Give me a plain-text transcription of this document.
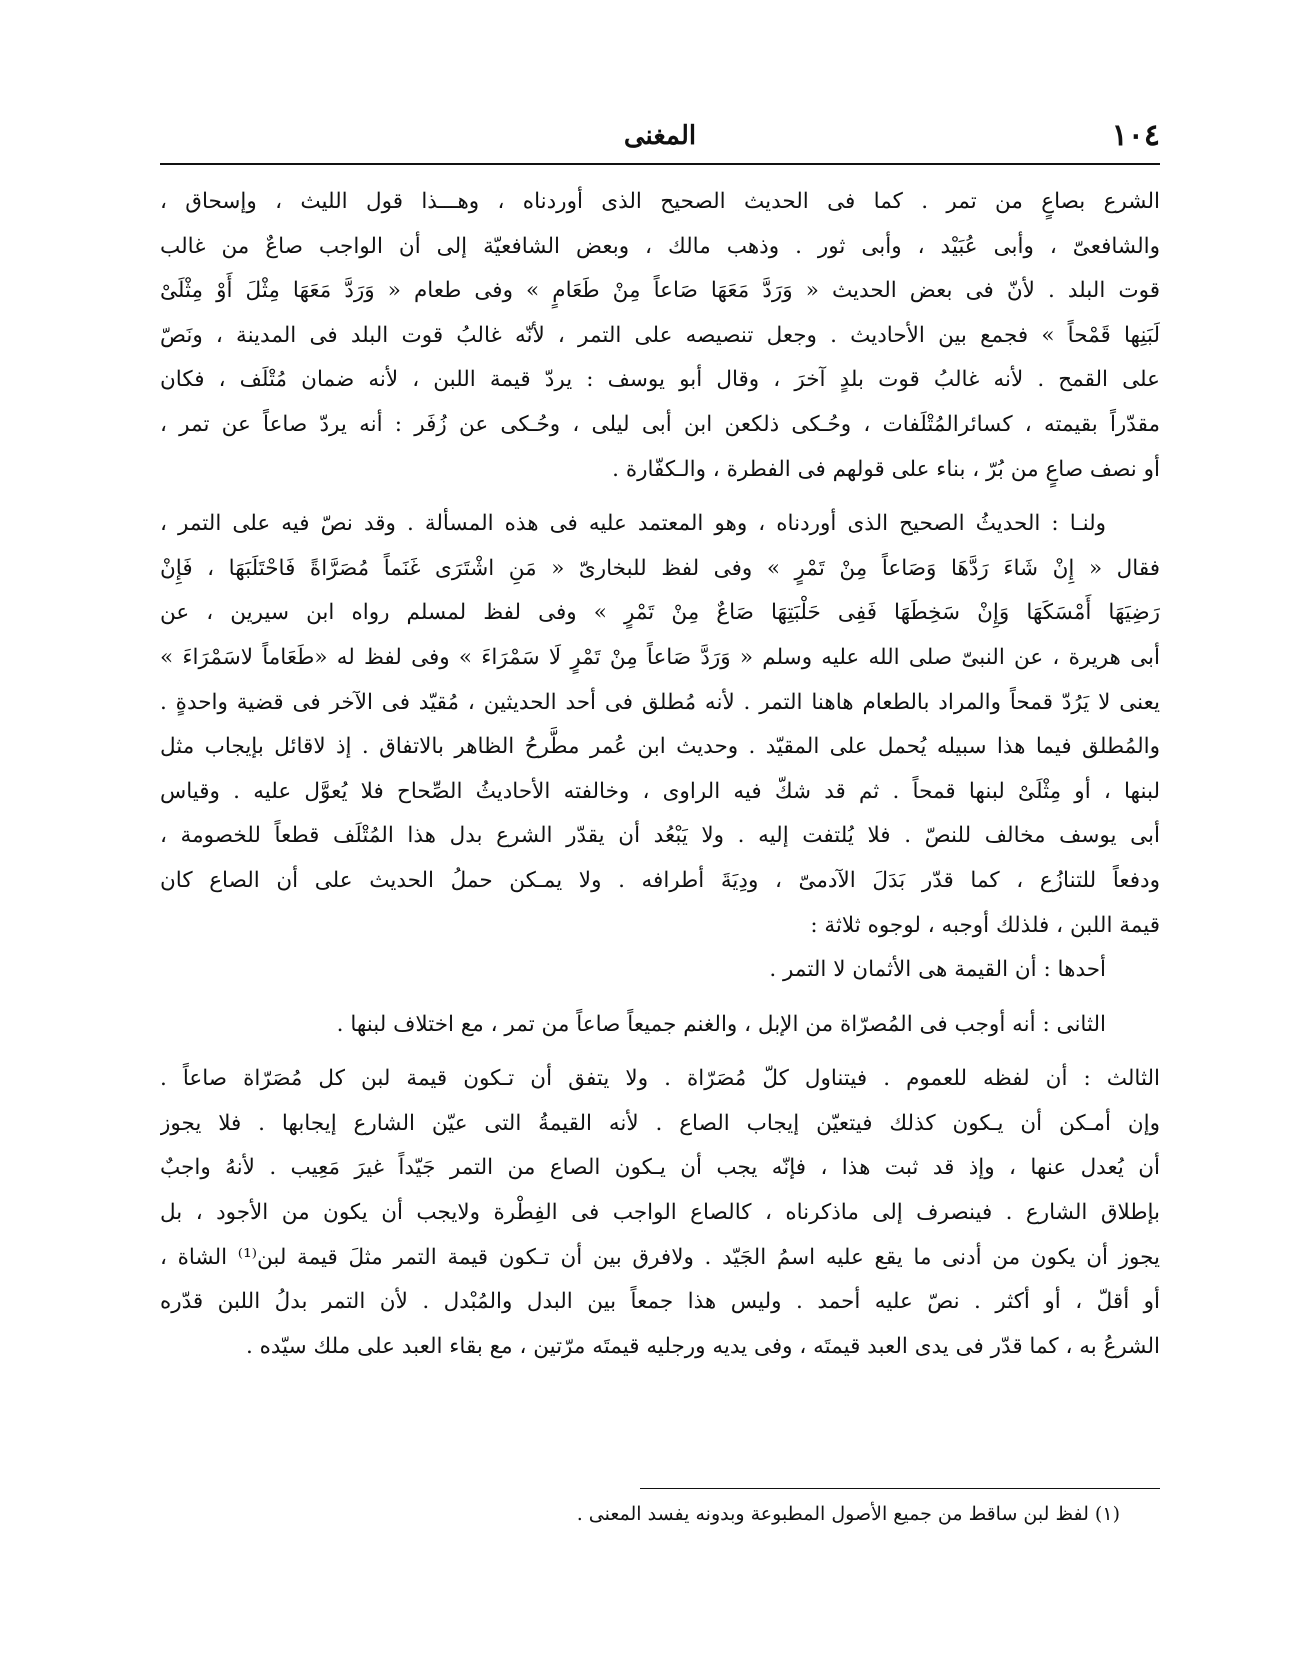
١٠٤
المغنى
الشرع بصاعٍ من تمر . كما فى الحديث الصحيح الذى أوردناه ، وهـــذا قول الليث ، وإسحاق ،
والشافعىّ ، وأبى عُبَيْد ، وأبى ثور . وذهب مالك ، وبعض الشافعيّة إلى أن الواجب صاعٌ من غالب
قوت البلد . لأنّ فى بعض الحديث « وَرَدَّ مَعَهَا صَاعاً مِنْ طَعَامٍ » وفى طعام « وَرَدَّ مَعَهَا مِثْلَ أَوْ مِثْلَىْ
لَبَنِها قَمْحاً » فجمع بين الأحاديث . وجعل تنصيصه على التمر ، لأنّه غالبُ قوت البلد فى المدينة ، ونَصّ
على القمح . لأنه غالبُ قوت بلدٍ آخرَ ، وقال أبو يوسف : يردّ قيمة اللبن ، لأنه ضمان مُتْلَف ، فكان
مقدّراً بقيمته ، كسائرالمُتْلَفات ، وحُـكى ذلكعن ابن أبى ليلى ، وحُـكى عن زُفَر : أنه يردّ صاعاً عن تمر ،
أو نصف صاعٍ من بُرّ ، بناء على قولهم فى الفطرة ، والـكفّارة .
ولنـا : الحديثُ الصحيح الذى أوردناه ، وهو المعتمد عليه فى هذه المسألة . وقد نصّ فيه على التمر ،
فقال « إِنْ شَاءَ رَدَّهَا وَصَاعاً مِنْ تَمْرٍ » وفى لفظ للبخارىّ « مَنِ اشْتَرَى غَنَماً مُصَرَّاةً فَاحْتَلَبَهَا ، فَإِنْ
رَضِيَهَا أَمْسَكَهَا وَإِنْ سَخِطَهَا فَفِى حَلْبَتِهَا صَاعٌ مِنْ تَمْرٍ » وفى لفظ لمسلم رواه ابن سيرين ، عن
أبى هريرة ، عن النبىّ صلى الله عليه وسلم « وَرَدَّ صَاعاً مِنْ تَمْرٍ لَا سَمْرَاءَ » وفى لفظ له «طَعَاماً لاسَمْرَاءَ »
يعنى لا يَرُدّ قمحاً والمراد بالطعام هاهنا التمر . لأنه مُطلق فى أحد الحديثين ، مُقيّد فى الآخر فى قضية واحدةٍ .
والمُطلق فيما هذا سبيله يُحمل على المقيّد . وحديث ابن عُمر مطَّرحُ الظاهر بالاتفاق . إذ لاقائل بإيجاب مثل
لبنها ، أو مِثْلَىْ لبنها قمحاً . ثم قد شكّ فيه الراوى ، وخالفته الأحاديثُ الصِّحاح فلا يُعوَّل عليه . وقياس
أبى يوسف مخالف للنصّ . فلا يُلتفت إليه . ولا يَبْعُد أن يقدّر الشرع بدل هذا المُتْلَف قطعاً للخصومة ،
ودفعاً للتنازُع ، كما قدّر بَدَلَ الآدمىّ ، ودِيَةَ أطرافه . ولا يمـكن حملُ الحديث على أن الصاع كان
قيمة اللبن ، فلذلك أوجبه ، لوجوه ثلاثة :
أحدها : أن القيمة هى الأثمان لا التمر .
الثانى : أنه أوجب فى المُصرّاة من الإبل ، والغنم جميعاً صاعاً من تمر ، مع اختلاف لبنها .
الثالث : أن لفظه للعموم . فيتناول كلّ مُصَرّاة . ولا يتفق أن تـكون قيمة لبن كل مُصَرّاة صاعاً .
وإن أمـكن أن يـكون كذلك فيتعيّن إيجاب الصاع . لأنه القيمةُ التى عيّن الشارع إيجابها . فلا يجوز
أن يُعدل عنها ، وإذ قد ثبت هذا ، فإنّه يجب أن يـكون الصاع من التمر جَيّداً غيرَ مَعِيب . لأنهُ واجبٌ
بإطلاق الشارع . فينصرف إلى ماذكرناه ، كالصاع الواجب فى الفِطْرة ولايجب أن يكون من الأجود ، بل
يجوز أن يكون من أدنى ما يقع عليه اسمُ الجَيّد . ولافرق بين أن تـكون قيمة التمر مثلَ قيمة لبن⁽¹⁾ الشاة ،
أو أقلّ ، أو أكثر . نصّ عليه أحمد . وليس هذا جمعاً بين البدل والمُبْدل . لأن التمر بدلُ اللبن قدّره
الشرعُ به ، كما قدّر فى يدى العبد قيمتَه ، وفى يديه ورجليه قيمتَه مرّتين ، مع بقاء العبد على ملك سيّده .
(١) لفظ لبن ساقط من جميع الأصول المطبوعة وبدونه يفسد المعنى .
